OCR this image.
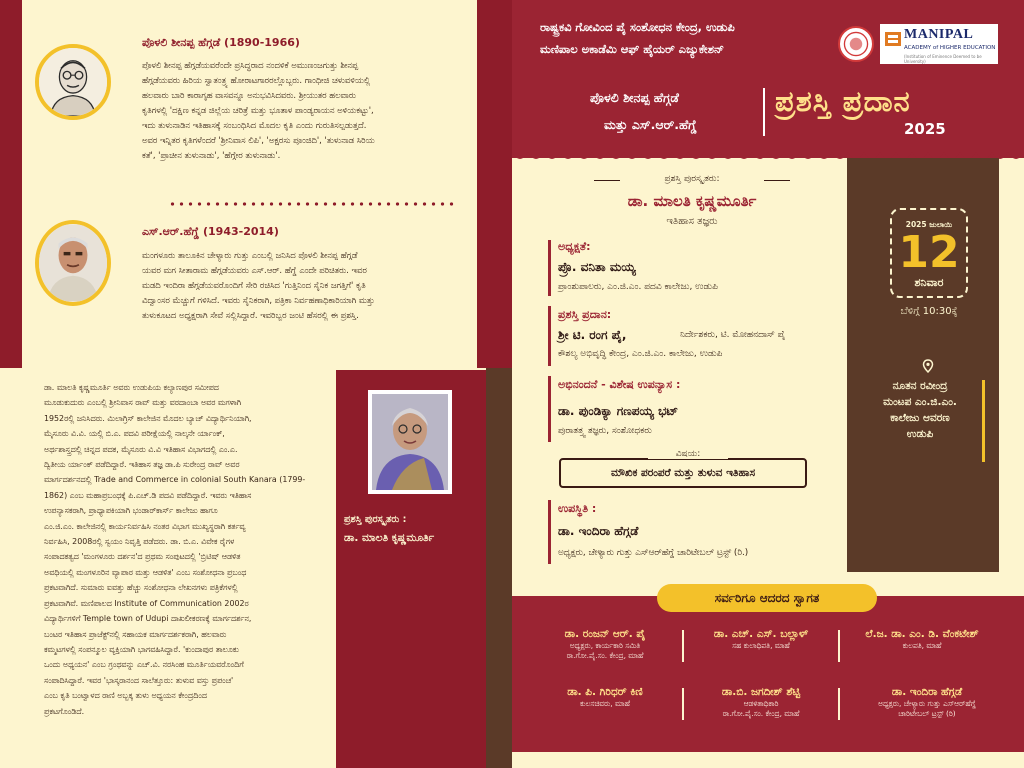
ಪೊಳಲಿ ಶೀನಪ್ಪ ಹೆಗ್ಗಡೆ (1890-1966)
ಪೊಳಲಿ ಶೀನಪ್ಪ ಹೆಗ್ಗಡೆಯವರೆಂದೇ ಪ್ರಸಿದ್ಧರಾದ ನಂದಳಿಕೆ ಅಮುಣಂಜಗುತ್ತು ಶೀನಪ್ಪ
ಹೆಗ್ಗಡೆಯವರು ಹಿರಿಯ ಸ್ವಾತಂತ್ರ್ಯ ಹೋರಾಟಗಾರರಲ್ಲೊಬ್ಬರು. ಗಾಂಧೀಜಿ ಚಳುವಳಿಯಲ್ಲಿ
ಹಲವಾರು ಬಾರಿ ಕಾರಾಗೃಹ ವಾಸವನ್ನೂ ಅನುಭವಿಸಿದವರು. ಶ್ರೀಯುತರ ಹಲವಾರು
ಕೃತಿಗಳಲ್ಲಿ 'ದಕ್ಷಿಣ ಕನ್ನಡ ಜಿಲ್ಲೆಯ ಚರಿತ್ರೆ ಮತ್ತು ಭೂತಾಳ ಪಾಂಡ್ಯರಾಯನ ಅಳಿಯಕಟ್ಟು',
ಇದು ತುಳುನಾಡಿನ ಇತಿಹಾಸಕ್ಕೆ ಸಂಬಂಧಿಸಿದ ಮೊದಲ ಕೃತಿ ಎಂದು ಗುರುತಿಸಲ್ಪಡುತ್ತದೆ.
ಅವರ ಇನ್ನಿತರ ಕೃತಿಗಳೆಂದರೆ 'ಶ್ರೀನಿವಾಸ ಲಿಪಿ', 'ಅಕ್ಷರಸು ಪೂಂಜಿದಿ', 'ತುಳುನಾಡ ಸಿರಿಯ
ಕತೆ', 'ಪ್ರಾಚೀನ ತುಳುನಾಡು', 'ಹೆಗ್ಗೇರ ತುಳುನಾಡು'.
ಎಸ್.ಆರ್.ಹೆಗ್ಡೆ (1943-2014)
ಮಂಗಳೂರು ತಾಲೂಕಿನ ಚೇಳ್ಯಾರು ಗುತ್ತು ಎಂಬಲ್ಲಿ ಜನಿಸಿದ ಪೊಳಲಿ ಶೀನಪ್ಪ ಹೆಗ್ಗಡೆ
ಯವರ ಮಗ ಸೀತಾರಾಮ ಹೆಗ್ಗಡೆಯವರು ಎಸ್.ಆರ್. ಹೆಗ್ಡೆ ಎಂದೇ ಪರಿಚಿತರು. ಇವರ
ಮಡದಿ ಇಂದಿರಾ ಹೆಗ್ಗಡೆಯವರೊಂದಿಗೆ ಸೇರಿ ರಚಿಸಿದ 'ಗುತ್ತಿನಿಂದ ಸೈನಿಕ ಜಗತ್ತಿಗೆ' ಕೃತಿ
ವಿದ್ವಾಂಸರ ಮೆಚ್ಚುಗೆ ಗಳಿಸಿದೆ. ಇವರು ಸೈನಿಕರಾಗಿ, ಪತ್ರಿಕಾ ನಿರ್ವಹಣಾಧಿಕಾರಿಯಾಗಿ ಮತ್ತು
ತುಳುಕೂಟದ ಅಧ್ಯಕ್ಷರಾಗಿ ಸೇವೆ ಸಲ್ಲಿಸಿದ್ದಾರೆ. ಇವರಿಬ್ಬರ ಜಂಟಿ ಹೆಸರಲ್ಲಿ ಈ ಪ್ರಶಸ್ತಿ.
ಡಾ. ಮಾಲತಿ ಕೃಷ್ಣಮೂರ್ತಿ ಅವರು ಉಡುಪಿಯ ಕಲ್ಯಾಣಪುರ ಸಮೀಪದ
ಮೂಡುಕುದುರು ಎಂಬಲ್ಲಿ ಶ್ರೀನಿವಾಸ ರಾವ್ ಮತ್ತು ವರದಾಂಬಾ ಅವರ ಮಗಳಾಗಿ
1952ರಲ್ಲಿ ಜನಿಸಿದರು. ಮಿಲಾಗ್ರಿಸ್ ಕಾಲೇಜಿನ ಮೊದಲ ಬ್ಯಾಚ್ ವಿದ್ಯಾರ್ಥಿನಿಯಾಗಿ,
ಮೈಸೂರು ವಿ.ವಿ. ಯಲ್ಲಿ ಬಿ.ಎ. ಪದವಿ ಪರೀಕ್ಷೆಯಲ್ಲಿ ನಾಲ್ಕನೇ ರ್ಯಾಂಕ್,
ಅರ್ಥಶಾಸ್ತ್ರದಲ್ಲಿ ಚಿನ್ನದ ಪದಕ, ಮೈಸೂರು ವಿ.ವಿ ಇತಿಹಾಸ ವಿಭಾಗದಲ್ಲಿ ಎಂ.ಎ.
ದ್ವಿತೀಯ ರ್ಯಾಂಕ್ ಪಡೆದಿದ್ದಾರೆ. ಇತಿಹಾಸ ತಜ್ಞ ಡಾ.ಪಿ ಸುರೇಂದ್ರ ರಾವ್ ಅವರ
ಮಾರ್ಗದರ್ಶನದಲ್ಲಿ Trade and Commerce in colonial South Kanara (1799-
1862) ಎಂಬ ಮಹಾಪ್ರಬಂಧಕ್ಕೆ ಪಿ.ಎಚ್.ಡಿ ಪದವಿ ಪಡೆದಿದ್ದಾರೆ. ಇವರು ಇತಿಹಾಸ
ಉಪನ್ಯಾಸಕರಾಗಿ, ಪ್ರಾಧ್ಯಾಪಕಿಯಾಗಿ ಭಂಡಾರ್‌ಕಾರ್ಸ್ ಕಾಲೇಜು ಹಾಗೂ
ಎಂ.ಜಿ.ಎಂ. ಕಾಲೇಜಿನಲ್ಲಿ ಕಾರ್ಯನಿರ್ವಹಿಸಿ ನಂತರ ವಿಭಾಗ ಮುಖ್ಯಸ್ಥರಾಗಿ ಕರ್ತವ್ಯ
ನಿರ್ವಹಿಸಿ, 2008ರಲ್ಲಿ ಸ್ವಯಂ ನಿವೃತ್ತಿ ಪಡೆದರು. ಡಾ. ಬಿ.ಎ. ವಿವೇಕ ರೈಗಳ
ಸಂಪಾದಕತ್ವದ 'ಮಂಗಳೂರು ದರ್ಶನ'ದ ಪ್ರಥಮ ಸಂಪುಟದಲ್ಲಿ 'ಬ್ರಿಟಿಷ್ ಆಡಳಿತ
ಅವಧಿಯಲ್ಲಿ ಮಂಗಳೂರಿನ ವ್ಯಾಪಾರ ಮತ್ತು ಆಡಳಿತ' ಎಂಬ ಸಂಶೋಧನಾ ಪ್ರಬಂಧ
ಪ್ರಕಟವಾಗಿದೆ. ಸುಮಾರು ಐವತ್ತು ಹೆಚ್ಚು ಸಂಶೋಧನಾ ಲೇಖನಗಳು ಪತ್ರಿಕೆಗಳಲ್ಲಿ
ಪ್ರಕಟವಾಗಿವೆ. ಮಣಿಪಾಲದ Institute of Communication 2002ರ
ವಿದ್ಯಾರ್ಥಿಗಳಿಗೆ Temple town of Udupi ದಾಖಲೀಕರಣಕ್ಕೆ ಮಾರ್ಗದರ್ಶನ,
ಬಂಟರ ಇತಿಹಾಸ ಪ್ರಾಜೆಕ್ಟ್‌ನಲ್ಲಿ ಸಹಾಯಕ ಮಾರ್ಗದರ್ಶಕರಾಗಿ, ಹಲವಾರು
ಕಮ್ಮಟಗಳಲ್ಲಿ ಸಂಪನ್ಮೂಲ ವ್ಯಕ್ತಿಯಾಗಿ ಭಾಗವಹಿಸಿದ್ದಾರೆ. 'ಕುಂದಾಪುರ ತಾಲೂಕು
ಒಂದು ಅಧ್ಯಯನ' ಎಂಬ ಗ್ರಂಥವನ್ನು ಎಚ್.ವಿ. ನರಸಿಂಹ ಮೂರ್ತಿಯವರೊಂದಿಗೆ
ಸಂಪಾದಿಸಿದ್ದಾರೆ. ಇವರ 'ಭಾಸ್ಕರಾನಂದ ಸಾಲೆತ್ತೂರು: ತುಳುವ ವಸ್ತು ಪ್ರಪಂಚ'
ಎಂಬ ಕೃತಿ ಬಂಟ್ವಾಳದ ರಾಣಿ ಅಬ್ಬಕ್ಕ ತುಳು ಅಧ್ಯಯನ ಕೇಂದ್ರದಿಂದ
ಪ್ರಕಟಗೊಂಡಿದೆ.
ಪ್ರಶಸ್ತಿ ಪುರಸ್ಕೃತರು :
ಡಾ. ಮಾಲತಿ ಕೃಷ್ಣಮೂರ್ತಿ
ರಾಷ್ಟ್ರಕವಿ ಗೋವಿಂದ ಪೈ ಸಂಶೋಧನ ಕೇಂದ್ರ, ಉಡುಪಿ
ಮಣಿಪಾಲ ಅಕಾಡೆಮಿ ಆಫ್ ಹೈಯರ್ ಎಜ್ಯುಕೇಶನ್
MANIPAL
ACADEMY of HIGHER EDUCATION
(Institution of Eminence Deemed to be University)
ಪೊಳಲಿ ಶೀನಪ್ಪ ಹೆಗ್ಗಡೆ
ಮತ್ತು ಎಸ್.ಆರ್.ಹೆಗ್ಡೆ
ಪ್ರಶಸ್ತಿ ಪ್ರದಾನ
2025
2025 ಜುಲಾಯಿ
12
ಶನಿವಾರ
ಬೆಳಿಗ್ಗೆ 10:30ಕ್ಕೆ
ನೂತನ ರವೀಂದ್ರ
ಮಂಟಪ ಎಂ.ಜಿ.ಎಂ.
ಕಾಲೇಜು ಆವರಣ
ಉಡುಪಿ
ಪ್ರಶಸ್ತಿ ಪುರಸ್ಕೃತರು:
ಡಾ. ಮಾಲತಿ ಕೃಷ್ಣಮೂರ್ತಿ
ಇತಿಹಾಸ ತಜ್ಞರು
ಅಧ್ಯಕ್ಷತೆ:
ಪ್ರೊ. ವನಿತಾ ಮಯ್ಯ
ಪ್ರಾಂಶುಪಾಲರು, ಎಂ.ಜಿ.ಎಂ. ಪದವಿ ಕಾಲೇಜು, ಉಡುಪಿ
ಪ್ರಶಸ್ತಿ ಪ್ರದಾನ:
ಶ್ರೀ ಟಿ. ರಂಗ ಪೈ,	ನಿರ್ದೇಶಕರು, ಟಿ. ಮೋಹನದಾಸ್ ಪೈ
ಕೌಶಲ್ಯ ಅಭಿವೃದ್ಧಿ ಕೇಂದ್ರ, ಎಂ.ಜಿ.ಎಂ. ಕಾಲೇಜು, ಉಡುಪಿ
ಅಭಿನಂದನೆ - ವಿಶೇಷ ಉಪನ್ಯಾಸ :
ಡಾ. ಪುಂಡಿಕ್ಯಾ ಗಣಪಯ್ಯ ಭಟ್
ಪುರಾತತ್ತ್ವ ತಜ್ಞರು, ಸಂಶೋಧಕರು
ಮೌಖಿಕ ಪರಂಪರೆ ಮತ್ತು ತುಳುವ ಇತಿಹಾಸ
ವಿಷಯ:
ಉಪಸ್ಥಿತಿ :
ಡಾ. ಇಂದಿರಾ ಹೆಗ್ಗಡೆ
ಅಧ್ಯಕ್ಷರು, ಚೇಳ್ಯಾರು ಗುತ್ತು ಎಸ್‌ಆರ್‌ಹೆಗ್ಡೆ ಚಾರಿಟೇಬಲ್ ಟ್ರಸ್ಟ್ (ರಿ.)
ಸರ್ವರಿಗೂ ಆದರದ ಸ್ವಾಗತ
ಡಾ. ರಂಜನ್ ಆರ್. ಪೈ
ಅಧ್ಯಕ್ಷರು, ಕಾರ್ಯಕಾರಿ ಸಮಿತಿ
ರಾ.ಗೋ.ಪೈ.ಸಂ. ಕೇಂದ್ರ, ಮಾಹೆ
ಡಾ. ಎಚ್. ಎಸ್. ಬಲ್ಲಾಳ್
ಸಹ ಕುಲಾಧಿಪತಿ, ಮಾಹೆ
ಲೆ.ಜ. ಡಾ. ಎಂ. ಡಿ. ವೆಂಕಟೇಶ್
ಕುಲಪತಿ, ಮಾಹೆ
ಡಾ. ಪಿ. ಗಿರಿಧರ್ ಕಿಣಿ
ಕುಲಸಚಿವರು, ಮಾಹೆ
ಡಾ.ಬಿ. ಜಗದೀಶ್ ಶೆಟ್ಟಿ
ಆಡಳಿತಾಧಿಕಾರಿ
ರಾ.ಗೋ.ಪೈ.ಸಂ. ಕೇಂದ್ರ, ಮಾಹೆ
ಡಾ. ಇಂದಿರಾ ಹೆಗ್ಗಡೆ
ಅಧ್ಯಕ್ಷರು, ಚೇಳ್ಯಾರು ಗುತ್ತು ಎಸ್‌ಆರ್‌ಹೆಗ್ಡೆ
ಚಾರಿಟೇಬಲ್ ಟ್ರಸ್ಟ್ (ರಿ)
